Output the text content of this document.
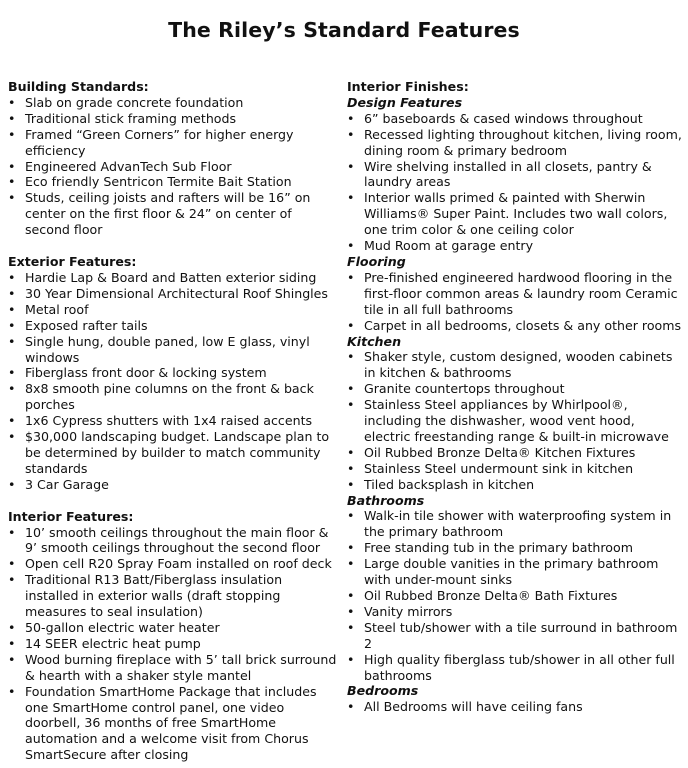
The Riley’s Standard Features
Building Standards:
• Slab on grade concrete foundation
• Traditional stick framing methods
• Framed “Green Corners” for higher energy efficiency
• Engineered AdvanTech Sub Floor
• Eco friendly Sentricon Termite Bait Station
• Studs, ceiling joists and rafters will be 16” on center on the first floor & 24” on center of second floor
Exterior Features:
• Hardie Lap & Board and Batten exterior siding
• 30 Year Dimensional Architectural Roof Shingles
• Metal roof
• Exposed rafter tails
• Single hung, double paned, low E glass, vinyl windows
• Fiberglass front door & locking system
• 8x8 smooth pine columns on the front & back porches
• 1x6 Cypress shutters with 1x4 raised accents
• $30,000 landscaping budget. Landscape plan to be determined by builder to match community standards
• 3 Car Garage
Interior Features:
• 10’ smooth ceilings throughout the main floor & 9’ smooth ceilings throughout the second floor
• Open cell R20 Spray Foam installed on roof deck
• Traditional R13 Batt/Fiberglass insulation installed in exterior walls (draft stopping measures to seal insulation)
• 50-gallon electric water heater
• 14 SEER electric heat pump
• Wood burning fireplace with 5’ tall brick surround & hearth with a shaker style mantel
• Foundation SmartHome Package that includes one SmartHome control panel, one video doorbell, 36 months of free SmartHome automation and a welcome visit from Chorus SmartSecure after closing
Interior Finishes:
Design Features
• 6” baseboards & cased windows throughout
• Recessed lighting throughout kitchen, living room, dining room & primary bedroom
• Wire shelving installed in all closets, pantry & laundry areas
• Interior walls primed & painted with Sherwin Williams® Super Paint. Includes two wall colors, one trim color & one ceiling color
• Mud Room at garage entry
Flooring
• Pre-finished engineered hardwood flooring in the first-floor common areas & laundry room Ceramic tile in all full bathrooms
• Carpet in all bedrooms, closets & any other rooms
Kitchen
• Shaker style, custom designed, wooden cabinets in kitchen & bathrooms
• Granite countertops throughout
• Stainless Steel appliances by Whirlpool®, including the dishwasher, wood vent hood, electric freestanding range & built-in microwave
• Oil Rubbed Bronze Delta® Kitchen Fixtures
• Stainless Steel undermount sink in kitchen
• Tiled backsplash in kitchen
Bathrooms
• Walk-in tile shower with waterproofing system in the primary bathroom
• Free standing tub in the primary bathroom
• Large double vanities in the primary bathroom with under-mount sinks
• Oil Rubbed Bronze Delta® Bath Fixtures
• Vanity mirrors
• Steel tub/shower with a tile surround in bathroom 2
• High quality fiberglass tub/shower in all other full bathrooms
Bedrooms
• All Bedrooms will have ceiling fans
